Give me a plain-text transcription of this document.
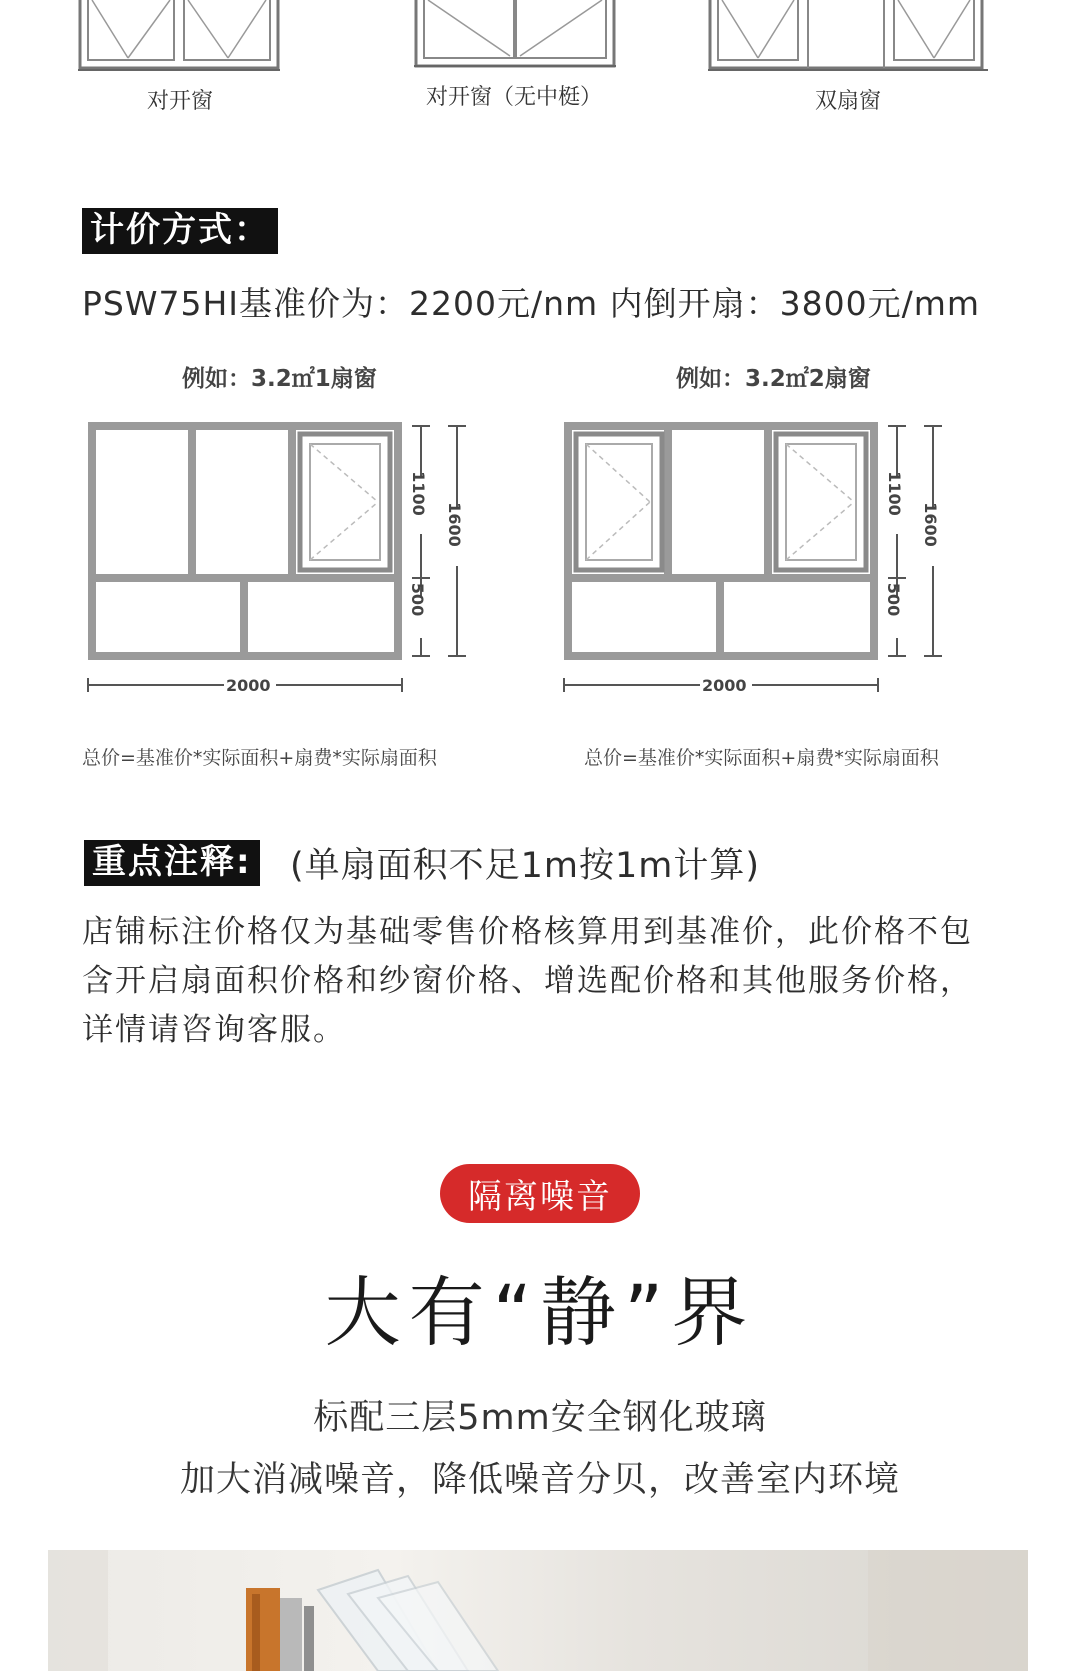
对开窗	对开窗（无中梃）	双扇窗
计价方式：
PSW75HI基准价为：2200元/nm 内倒开扇：3800元/mm
例如：3.2㎡1扇窗
1100
500
1600
2000
总价=基准价*实际面积+扇费*实际扇面积
例如：3.2㎡2扇窗
1100
500
1600
2000
总价=基准价*实际面积+扇费*实际扇面积
重点注释: (单扇面积不足1m按1m计算)
店铺标注价格仅为基础零售价格核算用到基准价，此价格不包含开启扇面积价格和纱窗价格、增选配价格和其他服务价格，详情请咨询客服。
隔离噪音
大有“静”界
标配三层5mm安全钢化玻璃
加大消减噪音，降低噪音分贝，改善室内环境
